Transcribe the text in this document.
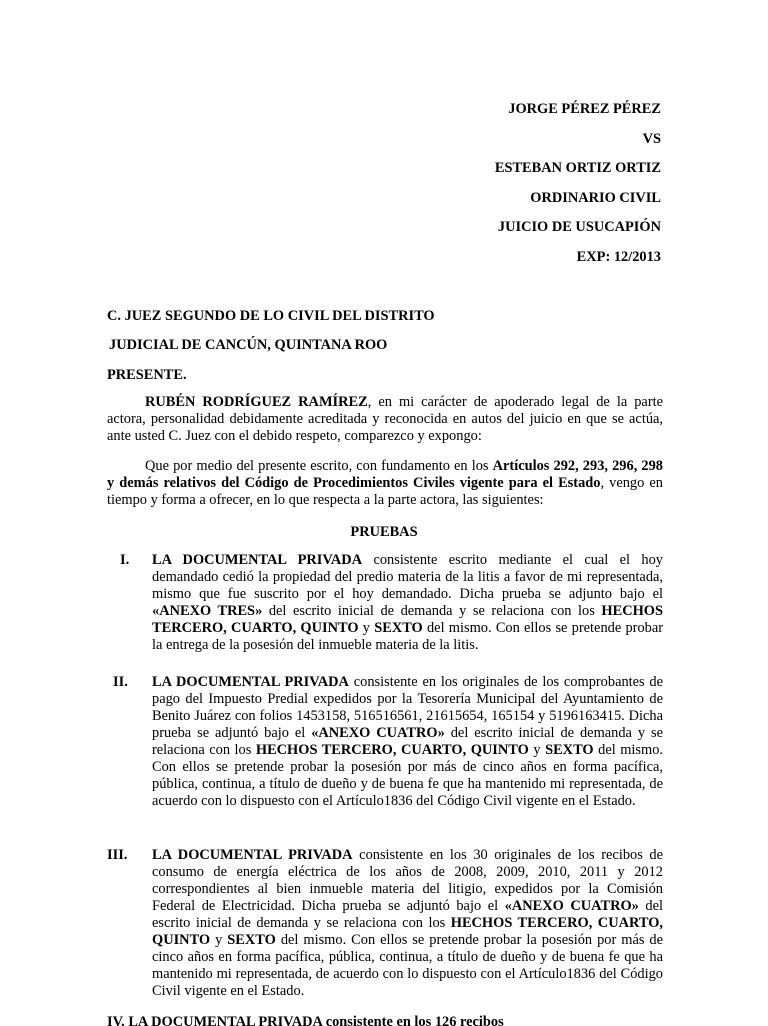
JORGE PÉREZ PÉREZ
VS
ESTEBAN ORTIZ ORTIZ
ORDINARIO CIVIL
JUICIO DE USUCAPIÓN
EXP: 12/2013
C. JUEZ SEGUNDO DE LO CIVIL DEL DISTRITO
JUDICIAL DE CANCÚN, QUINTANA ROO
PRESENTE.
RUBÉN RODRÍGUEZ RAMÍREZ, en mi carácter de apoderado legal de la parte actora, personalidad debidamente acreditada y reconocida en autos del juicio en que se actúa, ante usted C. Juez con el debido respeto, comparezco y expongo:
Que por medio del presente escrito, con fundamento en los Artículos 292, 293, 296, 298 y demás relativos del Código de Procedimientos Civiles vigente para el Estado, vengo en tiempo y forma a ofrecer, en lo que respecta a la parte actora, las siguientes:
PRUEBAS
I.	LA DOCUMENTAL PRIVADA consistente escrito mediante el cual el hoy demandado cedió la propiedad del predio materia de la litis a favor de mi representada, mismo que fue suscrito por el hoy demandado. Dicha prueba se adjunto bajo el «ANEXO TRES» del escrito inicial de demanda y se relaciona con los HECHOS TERCERO, CUARTO, QUINTO y SEXTO del mismo. Con ellos se pretende probar la entrega de la posesión del inmueble materia de la litis.
II.	LA DOCUMENTAL PRIVADA consistente en los originales de los comprobantes de pago del Impuesto Predial expedidos por la Tesorería Municipal del Ayuntamiento de Benito Juárez con folios 1453158, 516516561, 21615654, 165154 y 5196163415. Dicha prueba se adjuntó bajo el «ANEXO CUATRO» del escrito inicial de demanda y se relaciona con los HECHOS TERCERO, CUARTO, QUINTO y SEXTO del mismo. Con ellos se pretende probar la posesión por más de cinco años en forma pacífica, pública, continua, a título de dueño y de buena fe que ha mantenido mi representada, de acuerdo con lo dispuesto con el Artículo1836 del Código Civil vigente en el Estado.
III.	LA DOCUMENTAL PRIVADA consistente en los 30 originales de los recibos de consumo de energía eléctrica de los años de 2008, 2009, 2010, 2011 y 2012 correspondientes al bien inmueble materia del litigio, expedidos por la Comisión Federal de Electricidad. Dicha prueba se adjuntó bajo el «ANEXO CUATRO» del escrito inicial de demanda y se relaciona con los HECHOS TERCERO, CUARTO, QUINTO y SEXTO del mismo. Con ellos se pretende probar la posesión por más de cinco años en forma pacífica, pública, continua, a título de dueño y de buena fe que ha mantenido mi representada, de acuerdo con lo dispuesto con el Artículo1836 del Código Civil vigente en el Estado.
IV. LA DOCUMENTAL PRIVADA consistente en los 126 recibos
